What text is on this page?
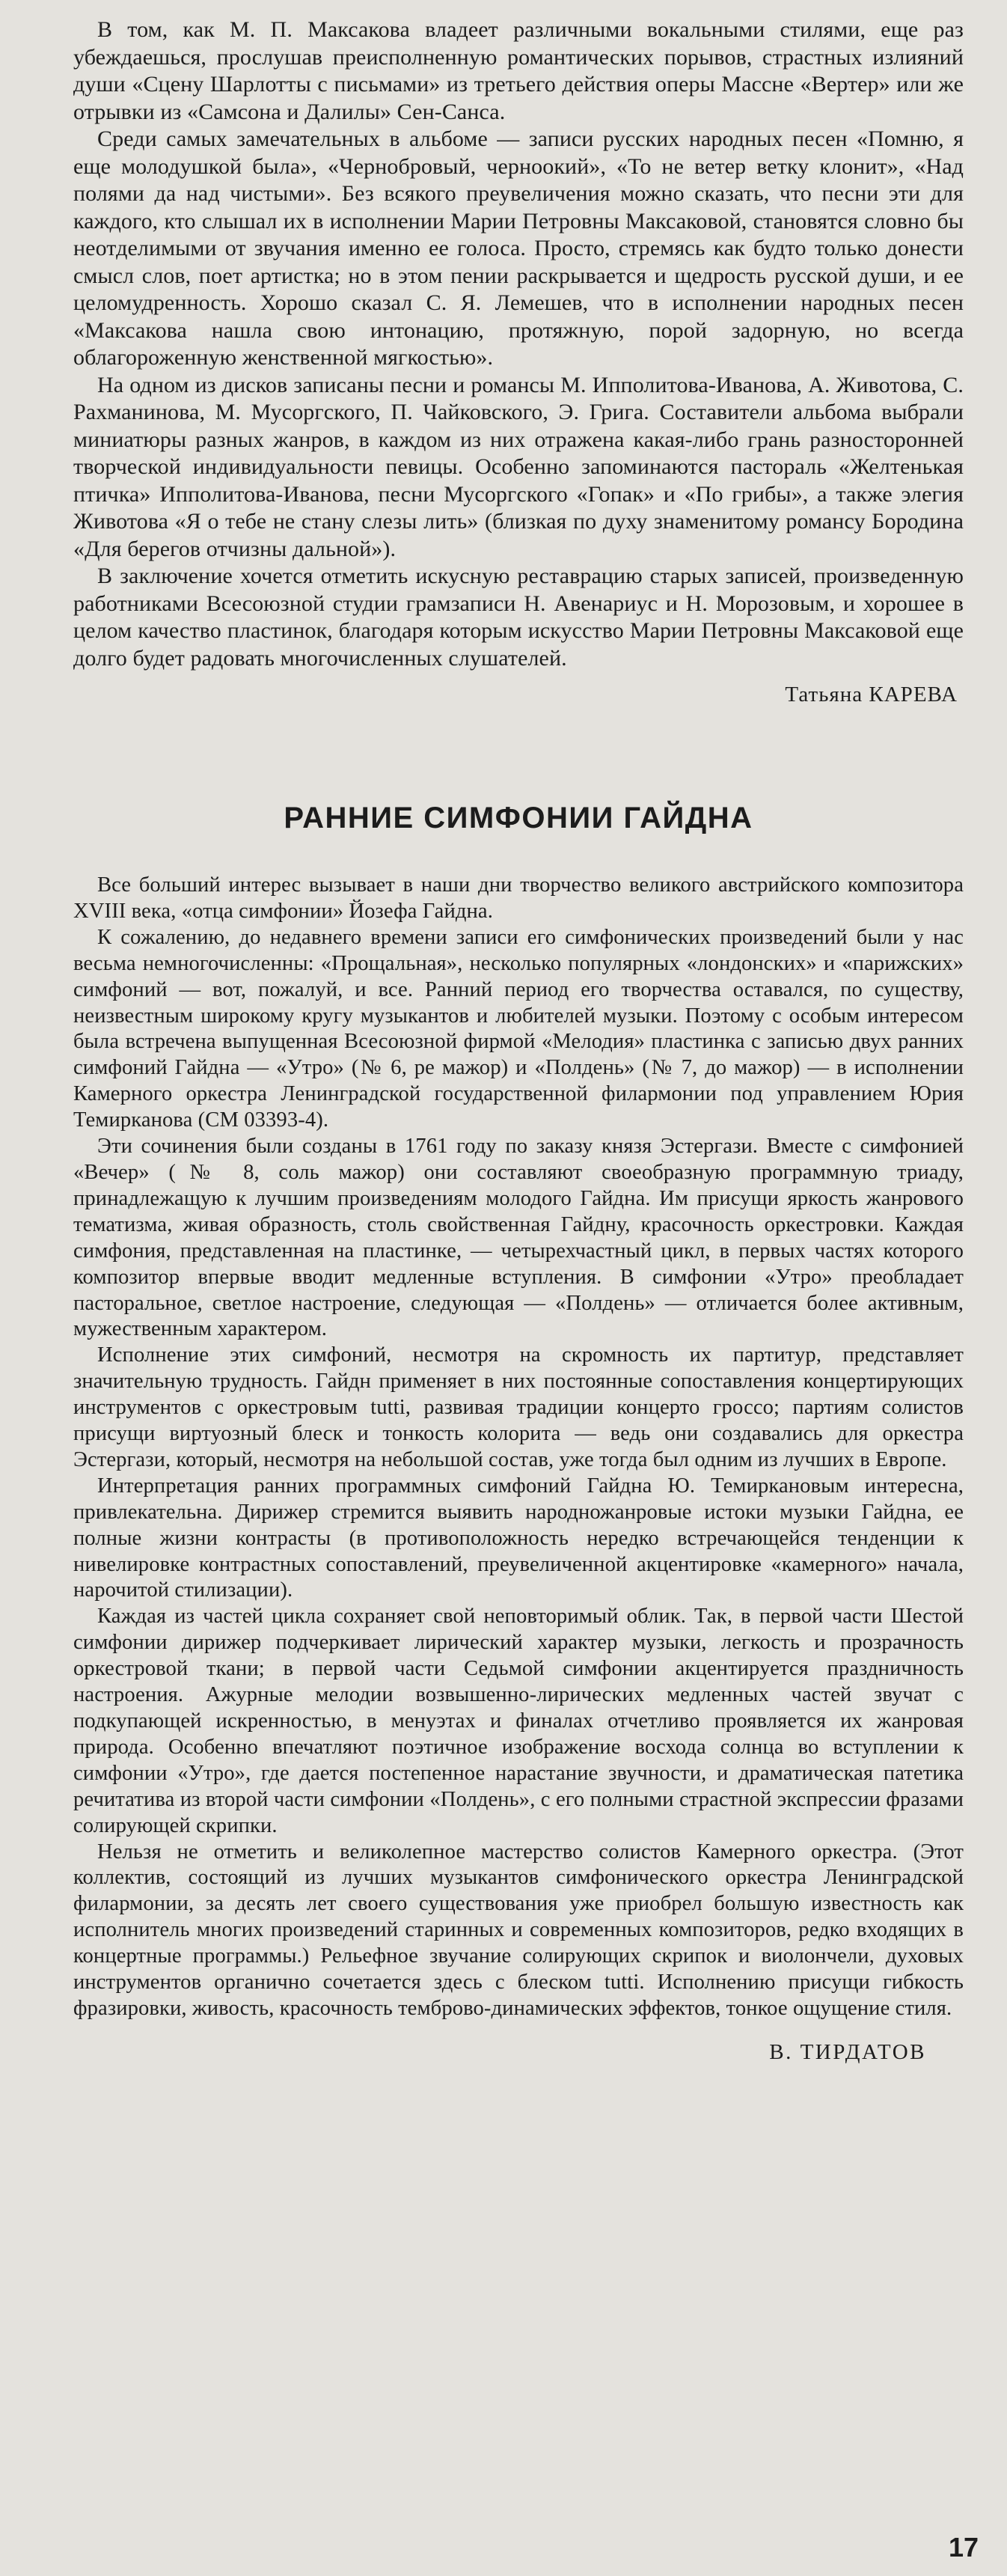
В том, как М. П. Максакова владеет различными вокальными стилями, еще раз убеждаешься, прослушав преисполненную романтических порывов, страстных излияний души «Сцену Шарлотты с письмами» из третьего действия оперы Массне «Вертер» или же отрывки из «Самсона и Далилы» Сен-Санса.

Среди самых замечательных в альбоме — записи русских народных песен «Помню, я еще молодушкой была», «Чернобровый, черноокий», «То не ветер ветку клонит», «Над полями да над чистыми». Без всякого преувеличения можно сказать, что песни эти для каждого, кто слышал их в исполнении Марии Петровны Максаковой, становятся словно бы неотделимыми от звучания именно ее голоса. Просто, стремясь как будто только донести смысл слов, поет артистка; но в этом пении раскрывается и щедрость русской души, и ее целомудренность. Хорошо сказал С. Я. Лемешев, что в исполнении народных песен «Максакова нашла свою интонацию, протяжную, порой задорную, но всегда облагороженную женственной мягкостью».

На одном из дисков записаны песни и романсы М. Ипполитова-Иванова, А. Животова, С. Рахманинова, М. Мусоргского, П. Чайковского, Э. Грига. Составители альбома выбрали миниатюры разных жанров, в каждом из них отражена какая-либо грань разносторонней творческой индивидуальности певицы. Особенно запоминаются пастораль «Желтенькая птичка» Ипполитова-Иванова, песни Мусоргского «Гопак» и «По грибы», а также элегия Животова «Я о тебе не стану слезы лить» (близкая по духу знаменитому романсу Бородина «Для берегов отчизны дальной»).

В заключение хочется отметить искусную реставрацию старых записей, произведенную работниками Всесоюзной студии грамзаписи Н. Авенариус и Н. Морозовым, и хорошее в целом качество пластинок, благодаря которым искусство Марии Петровны Максаковой еще долго будет радовать многочисленных слушателей.

Татьяна КАРЕВА
РАННИЕ СИМФОНИИ ГАЙДНА

Все больший интерес вызывает в наши дни творчество великого австрийского композитора XVIII века, «отца симфонии» Йозефа Гайдна.

К сожалению, до недавнего времени записи его симфонических произведений были у нас весьма немногочисленны: «Прощальная», несколько популярных «лондонских» и «парижских» симфоний — вот, пожалуй, и все. Ранний период его творчества оставался, по существу, неизвестным широкому кругу музыкантов и любителей музыки. Поэтому с особым интересом была встречена выпущенная Всесоюзной фирмой «Мелодия» пластинка с записью двух ранних симфоний Гайдна — «Утро» (№ 6, ре мажор) и «Полдень» (№ 7, до мажор) — в исполнении Камерного оркестра Ленинградской государственной филармонии под управлением Юрия Темирканова (СМ 03393-4).

Эти сочинения были созданы в 1761 году по заказу князя Эстергази. Вместе с симфонией «Вечер» (№ 8, соль мажор) они составляют своеобразную программную триаду, принадлежащую к лучшим произведениям молодого Гайдна. Им присущи яркость жанрового тематизма, живая образность, столь свойственная Гайдну, красочность оркестровки. Каждая симфония, представленная на пластинке, — четырехчастный цикл, в первых частях которого композитор впервые вводит медленные вступления. В симфонии «Утро» преобладает пасторальное, светлое настроение, следующая — «Полдень» — отличается более активным, мужественным характером.

Исполнение этих симфоний, несмотря на скромность их партитур, представляет значительную трудность. Гайдн применяет в них постоянные сопоставления концертирующих инструментов с оркестровым tutti, развивая традиции концерто гроссо; партиям солистов присущи виртуозный блеск и тонкость колорита — ведь они создавались для оркестра Эстергази, который, несмотря на небольшой состав, уже тогда был одним из лучших в Европе.

Интерпретация ранних программных симфоний Гайдна Ю. Темиркановым интересна, привлекательна. Дирижер стремится выявить народножанровые истоки музыки Гайдна, ее полные жизни контрасты (в противоположность нередко встречающейся тенденции к нивелировке контрастных сопоставлений, преувеличенной акцентировке «камерного» начала, нарочитой стилизации).

Каждая из частей цикла сохраняет свой неповторимый облик. Так, в первой части Шестой симфонии дирижер подчеркивает лирический характер музыки, легкость и прозрачность оркестровой ткани; в первой части Седьмой симфонии акцентируется праздничность настроения. Ажурные мелодии возвышенно-лирических медленных частей звучат с подкупающей искренностью, в менуэтах и финалах отчетливо проявляется их жанровая природа. Особенно впечатляют поэтичное изображение восхода солнца во вступлении к симфонии «Утро», где дается постепенное нарастание звучности, и драматическая патетика речитатива из второй части симфонии «Полдень», с его полными страстной экспрессии фразами солирующей скрипки.

Нельзя не отметить и великолепное мастерство солистов Камерного оркестра. (Этот коллектив, состоящий из лучших музыкантов симфонического оркестра Ленинградской филармонии, за десять лет своего существования уже приобрел большую известность как исполнитель многих произведений старинных и современных композиторов, редко входящих в концертные программы.) Рельефное звучание солирующих скрипок и виолончели, духовых инструментов органично сочетается здесь с блеском tutti. Исполнению присущи гибкость фразировки, живость, красочность темброво-динамических эффектов, тонкое ощущение стиля.

В. ТИРДАТОВ
17
